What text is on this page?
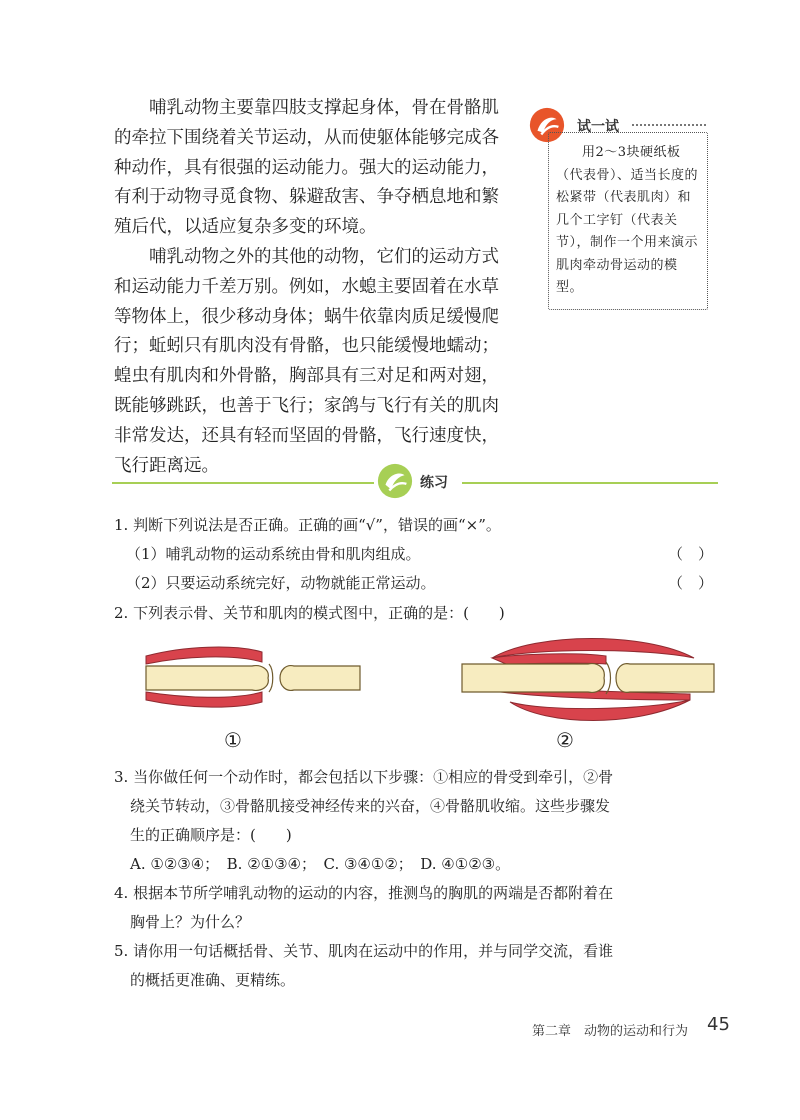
哺乳动物主要靠四肢支撑起身体，骨在骨骼肌的牵拉下围绕着关节运动，从而使躯体能够完成各种动作，具有很强的运动能力。强大的运动能力，有利于动物寻觅食物、躲避敌害、争夺栖息地和繁殖后代，以适应复杂多变的环境。

哺乳动物之外的其他的动物，它们的运动方式和运动能力千差万别。例如，水螅主要固着在水草等物体上，很少移动身体；蜗牛依靠肉质足缓慢爬行；蚯蚓只有肌肉没有骨骼，也只能缓慢地蠕动；蝗虫有肌肉和外骨骼，胸部具有三对足和两对翅，既能够跳跃，也善于飞行；家鸽与飞行有关的肌肉非常发达，还具有轻而坚固的骨骼，飞行速度快，飞行距离远。

试一试
用2～3块硬纸板（代表骨）、适当长度的松紧带（代表肌肉）和几个工字钉（代表关节），制作一个用来演示肌肉牵动骨运动的模型。
练习
1. 判断下列说法是否正确。正确的画“√”，错误的画“×”。
（1）哺乳动物的运动系统由骨和肌肉组成。	（　）
（2）只要运动系统完好，动物就能正常运动。	（　）
2. 下列表示骨、关节和肌肉的模式图中，正确的是：(　　)
①	②
3. 当你做任何一个动作时，都会包括以下步骤：①相应的骨受到牵引，②骨
绕关节转动，③骨骼肌接受神经传来的兴奋，④骨骼肌收缩。这些步骤发
生的正确顺序是：(　　)
A. ①②③④；　B. ②①③④；　C. ③④①②；　D. ④①②③。
4. 根据本节所学哺乳动物的运动的内容，推测鸟的胸肌的两端是否都附着在
胸骨上？为什么？
5. 请你用一句话概括骨、关节、肌肉在运动中的作用，并与同学交流，看谁
的概括更准确、更精练。
第二章　动物的运动和行为 45
